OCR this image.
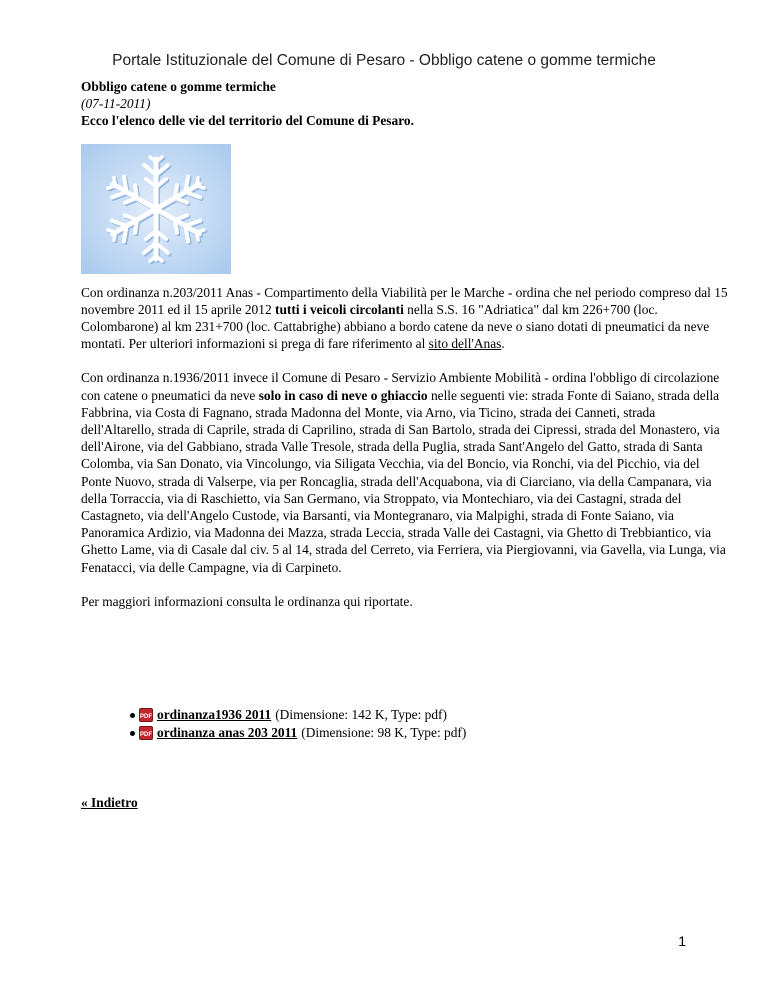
Portale Istituzionale del Comune di Pesaro - Obbligo catene o gomme termiche

Obbligo catene o gomme termiche

(07-11-2011)

Ecco l'elenco delle vie del territorio del Comune di Pesaro.

Con ordinanza n.203/2011 Anas - Compartimento della Viabilità per le Marche - ordina che nel periodo compreso dal 15 novembre 2011 ed il 15 aprile 2012 tutti i veicoli circolanti nella S.S. 16 "Adriatica" dal km 226+700 (loc. Colombarone) al km 231+700 (loc. Cattabrighe) abbiano a bordo catene da neve o siano dotati di pneumatici da neve montati. Per ulteriori informazioni si prega di fare riferimento al sito dell'Anas.

Con ordinanza n.1936/2011 invece il Comune di Pesaro - Servizio Ambiente Mobilità - ordina l'obbligo di circolazione con catene o pneumatici da neve solo in caso di neve o ghiaccio nelle seguenti vie: strada Fonte di Saiano, strada della Fabbrina, via Costa di Fagnano, strada Madonna del Monte, via Arno, via Ticino, strada dei Canneti, strada dell'Altarello, strada di Caprile, strada di Caprilino, strada di San Bartolo, strada dei Cipressi, strada del Monastero, via dell'Airone, via del Gabbiano, strada Valle Tresole, strada della Puglia, strada Sant'Angelo del Gatto, strada di Santa Colomba, via San Donato, via Vincolungo, via Siligata Vecchia, via del Boncio, via Ronchi, via del Picchio, via del Ponte Nuovo, strada di Valserpe, via per Roncaglia, strada dell'Acquabona, via di Ciarciano, via della Campanara, via della Torraccia, via di Raschietto, via San Germano, via Stroppato, via Montechiaro, via dei Castagni, strada del Castagneto, via dell'Angelo Custode, via Barsanti, via Montegranaro, via Malpighi, strada di Fonte Saiano, via Panoramica Ardizio, via Madonna dei Mazza, strada Leccia, strada Valle dei Castagni, via Ghetto di Trebbiantico, via Ghetto Lame, via di Casale dal civ. 5 al 14, strada del Cerreto, via Ferriera, via Piergiovanni, via Gavella, via Lunga, via Fenatacci, via delle Campagne, via di Carpineto.

Per maggiori informazioni consulta le ordinanza qui riportate.

PDF ordinanza1936 2011 (Dimensione: 142 K, Type: pdf)
PDF ordinanza anas 203 2011 (Dimensione: 98 K, Type: pdf)
« Indietro
1
